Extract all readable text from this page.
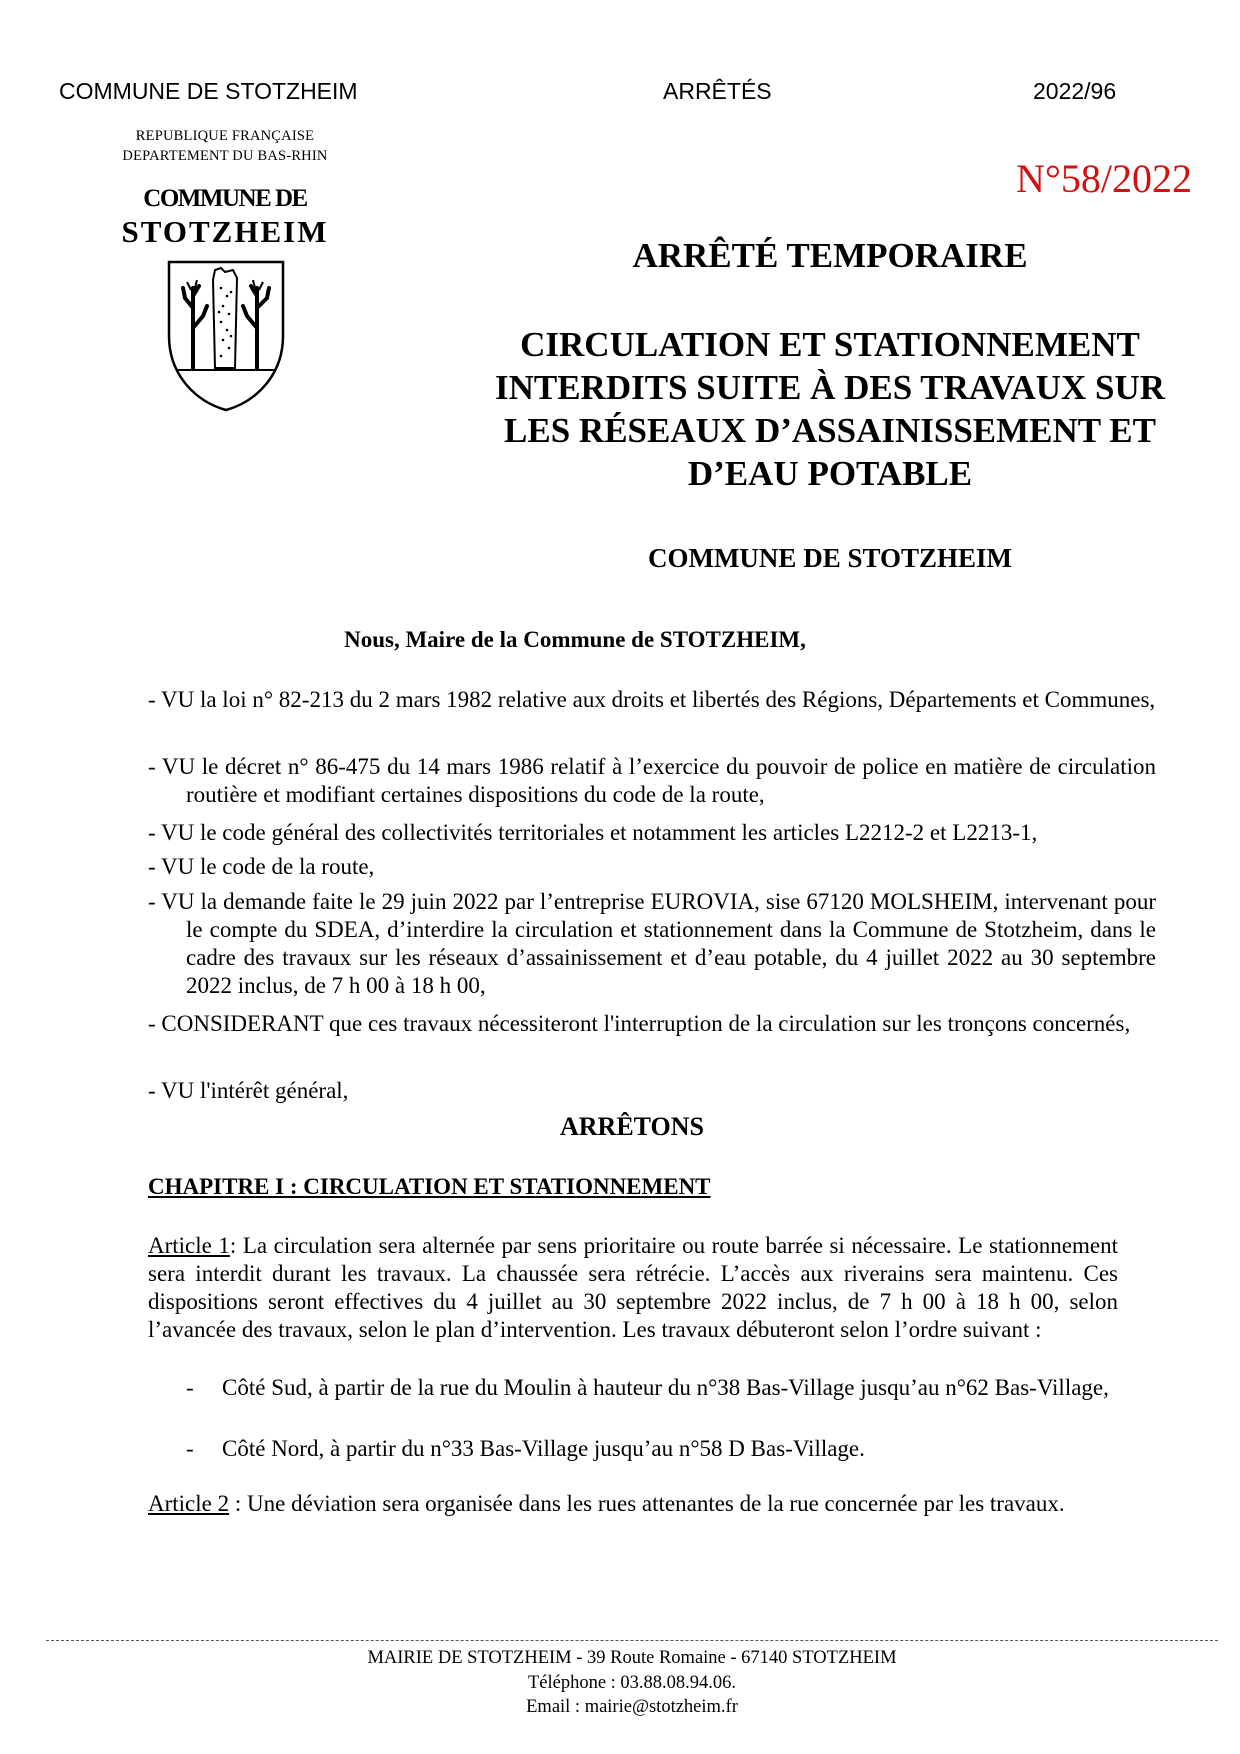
COMMUNE DE STOTZHEIM	ARRÊTÉS	2022/96
REPUBLIQUE FRANÇAISE
DEPARTEMENT DU BAS-RHIN
COMMUNE DE
STOTZHEIM
N°58/2022
ARRÊTÉ TEMPORAIRE
CIRCULATION ET STATIONNEMENT
INTERDITS SUITE À DES TRAVAUX SUR
LES RÉSEAUX D’ASSAINISSEMENT ET
D’EAU POTABLE
COMMUNE DE STOTZHEIM
Nous, Maire de la Commune de STOTZHEIM,
- VU la loi n° 82-213 du 2 mars 1982 relative aux droits et libertés des Régions, Départements et Communes,
- VU le décret n° 86-475 du 14 mars 1986 relatif à l’exercice du pouvoir de police en matière de circulation routière et modifiant certaines dispositions du code de la route,
- VU le code général des collectivités territoriales et notamment les articles L2212-2 et L2213-1,
- VU le code de la route,
- VU la demande faite le 29 juin 2022 par l’entreprise EUROVIA, sise 67120 MOLSHEIM, intervenant pour le compte du SDEA, d’interdire la circulation et stationnement dans la Commune de Stotzheim, dans le cadre des travaux sur les réseaux d’assainissement et d’eau potable, du 4 juillet 2022 au 30 septembre 2022 inclus, de 7 h 00 à 18 h 00,
- CONSIDERANT que ces travaux nécessiteront l'interruption de la circulation sur les tronçons concernés,
- VU l'intérêt général,
ARRÊTONS
CHAPITRE I : CIRCULATION ET STATIONNEMENT
Article 1: La circulation sera alternée par sens prioritaire ou route barrée si nécessaire. Le stationnement sera interdit durant les travaux. La chaussée sera rétrécie. L’accès aux riverains sera maintenu. Ces dispositions seront effectives du 4 juillet au 30 septembre 2022 inclus, de 7 h 00 à 18 h 00, selon l’avancée des travaux, selon le plan d’intervention. Les travaux débuteront selon l’ordre suivant :
- Côté Sud, à partir de la rue du Moulin à hauteur du n°38 Bas-Village jusqu’au n°62 Bas-Village,
- Côté Nord, à partir du n°33 Bas-Village jusqu’au n°58 D Bas-Village.
Article 2 : Une déviation sera organisée dans les rues attenantes de la rue concernée par les travaux.
MAIRIE DE STOTZHEIM - 39 Route Romaine - 67140 STOTZHEIM
Téléphone : 03.88.08.94.06.
Email : mairie@stotzheim.fr
